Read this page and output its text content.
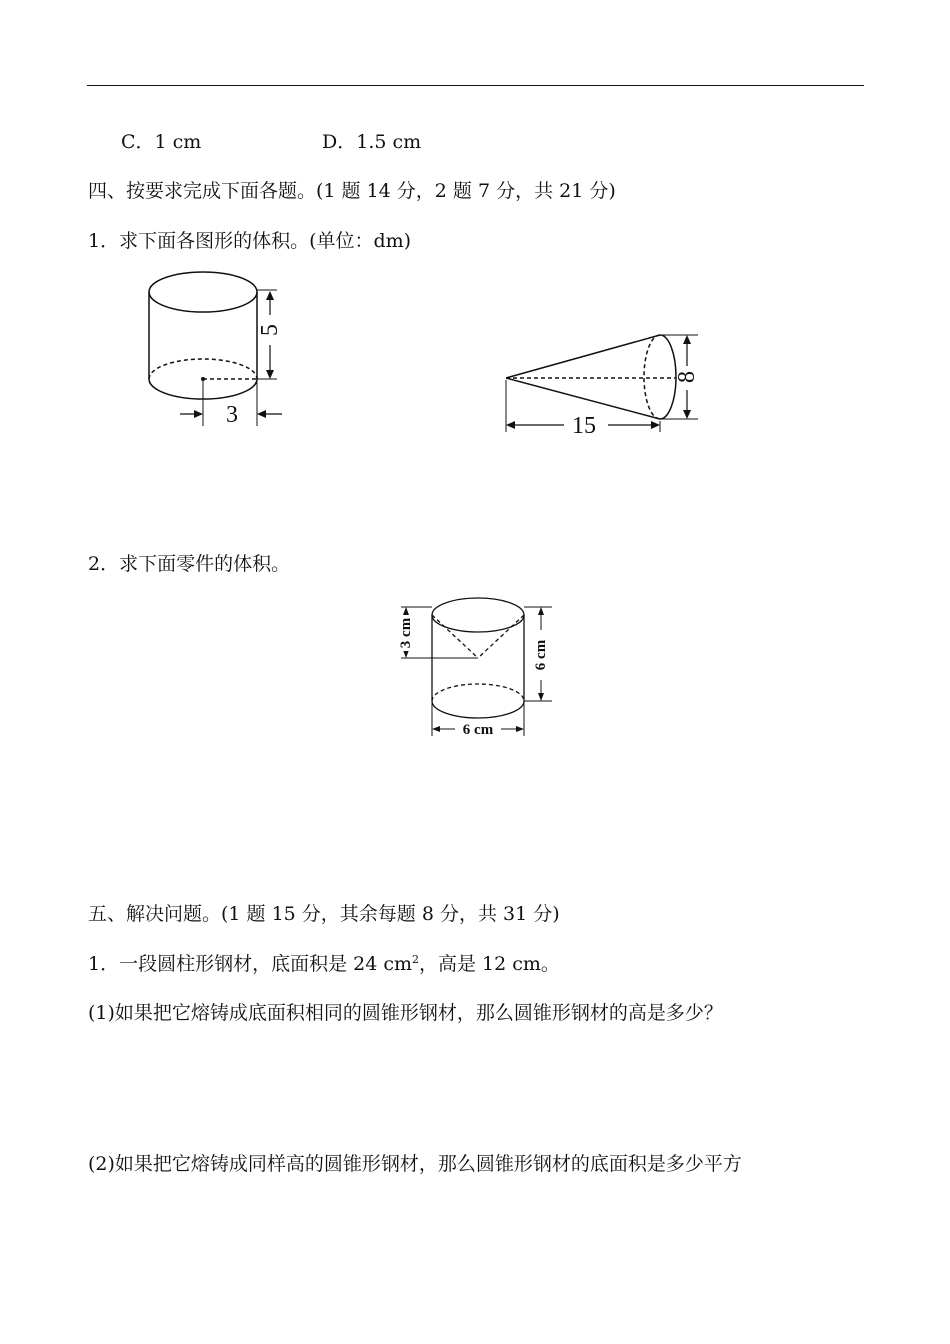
C．1 cm	D．1.5 cm
四、按要求完成下面各题。(1 题 14 分，2 题 7 分，共 21 分)
1．求下面各图形的体积。(单位：dm)
5
3
8
15
2．求下面零件的体积。
3 cm
6 cm
6 cm
五、解决问题。(1 题 15 分，其余每题 8 分，共 31 分)
1．一段圆柱形钢材，底面积是 24 $cm^2$，高是 12 cm。
(1)如果把它熔铸成底面积相同的圆锥形钢材，那么圆锥形钢材的高是多少？
(2)如果把它熔铸成同样高的圆锥形钢材，那么圆锥形钢材的底面积是多少平方
